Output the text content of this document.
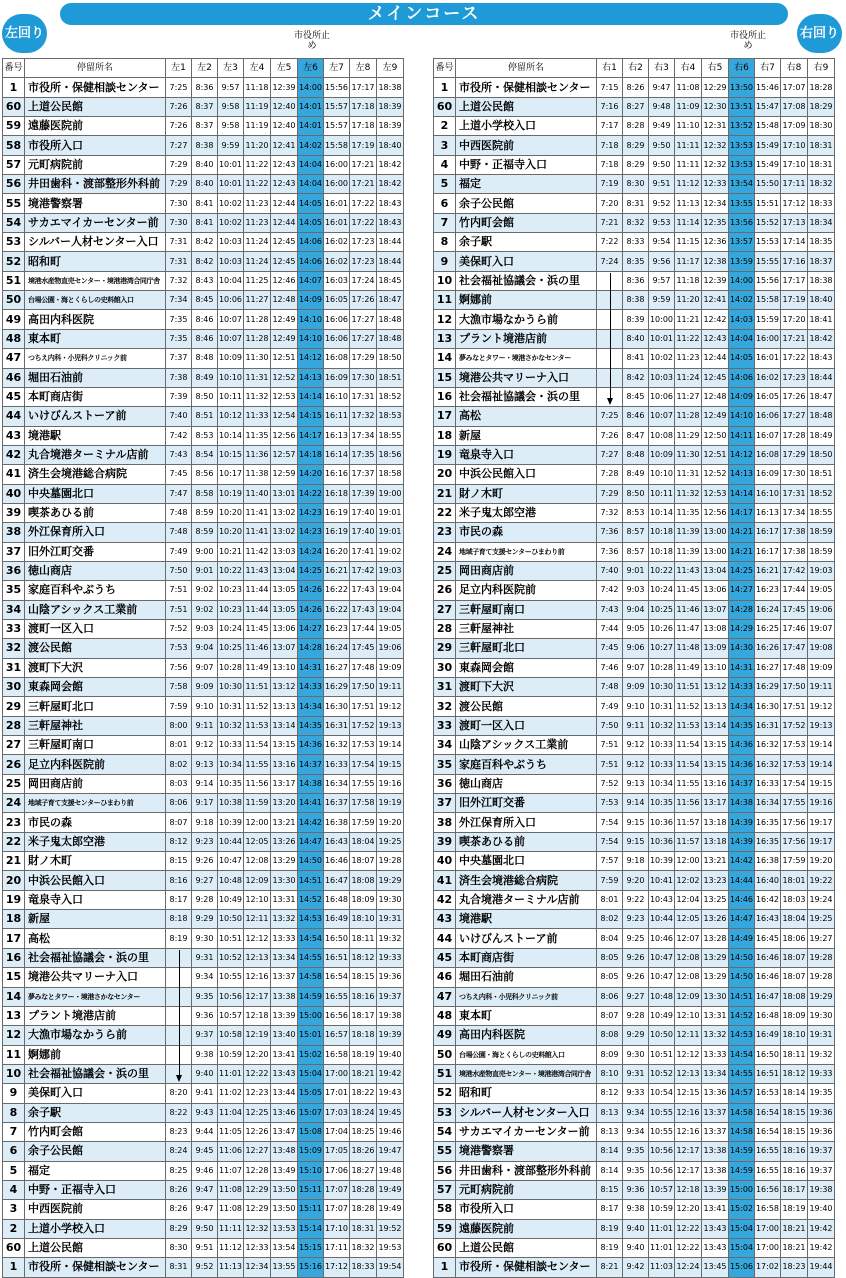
メインコース
左回り	右回り
市役所止め
市役所止め
番号	停留所名	左1	左2	左3	左4	左5	左6	左7	左8	左9
1	市役所・保健相談センター	7:25	8:36	9:57	11:18	12:39	14:00	15:56	17:17	18:38
60	上道公民館	7:26	8:37	9:58	11:19	12:40	14:01	15:57	17:18	18:39
59	遠藤医院前	7:26	8:37	9:58	11:19	12:40	14:01	15:57	17:18	18:39
58	市役所入口	7:27	8:38	9:59	11:20	12:41	14:02	15:58	17:19	18:40
57	元町病院前	7:29	8:40	10:01	11:22	12:43	14:04	16:00	17:21	18:42
56	井田歯科・渡部整形外科前	7:29	8:40	10:01	11:22	12:43	14:04	16:00	17:21	18:42
55	境港警察署	7:30	8:41	10:02	11:23	12:44	14:05	16:01	17:22	18:43
54	サカエマイカーセンター前	7:30	8:41	10:02	11:23	12:44	14:05	16:01	17:22	18:43
53	シルバー人材センター入口	7:31	8:42	10:03	11:24	12:45	14:06	16:02	17:23	18:44
52	昭和町	7:31	8:42	10:03	11:24	12:45	14:06	16:02	17:23	18:44
51	境港水産物直売センター・境港港湾合同庁舎	7:32	8:43	10:04	11:25	12:46	14:07	16:03	17:24	18:45
50	台場公園・海とくらしの史料館入口	7:34	8:45	10:06	11:27	12:48	14:09	16:05	17:26	18:47
49	高田内科医院	7:35	8:46	10:07	11:28	12:49	14:10	16:06	17:27	18:48
48	東本町	7:35	8:46	10:07	11:28	12:49	14:10	16:06	17:27	18:48
47	つちえ内科・小児科クリニック前	7:37	8:48	10:09	11:30	12:51	14:12	16:08	17:29	18:50
46	堀田石油前	7:38	8:49	10:10	11:31	12:52	14:13	16:09	17:30	18:51
45	本町商店街	7:39	8:50	10:11	11:32	12:53	14:14	16:10	17:31	18:52
44	いけびんストーア前	7:40	8:51	10:12	11:33	12:54	14:15	16:11	17:32	18:53
43	境港駅	7:42	8:53	10:14	11:35	12:56	14:17	16:13	17:34	18:55
42	丸合境港ターミナル店前	7:43	8:54	10:15	11:36	12:57	14:18	16:14	17:35	18:56
41	済生会境港総合病院	7:45	8:56	10:17	11:38	12:59	14:20	16:16	17:37	18:58
40	中央墓園北口	7:47	8:58	10:19	11:40	13:01	14:22	16:18	17:39	19:00
39	喫茶あひる前	7:48	8:59	10:20	11:41	13:02	14:23	16:19	17:40	19:01
38	外江保育所入口	7:48	8:59	10:20	11:41	13:02	14:23	16:19	17:40	19:01
37	旧外江町交番	7:49	9:00	10:21	11:42	13:03	14:24	16:20	17:41	19:02
36	徳山商店	7:50	9:01	10:22	11:43	13:04	14:25	16:21	17:42	19:03
35	家庭百科やぶうち	7:51	9:02	10:23	11:44	13:05	14:26	16:22	17:43	19:04
34	山陰アシックス工業前	7:51	9:02	10:23	11:44	13:05	14:26	16:22	17:43	19:04
33	渡町一区入口	7:52	9:03	10:24	11:45	13:06	14:27	16:23	17:44	19:05
32	渡公民館	7:53	9:04	10:25	11:46	13:07	14:28	16:24	17:45	19:06
31	渡町下大沢	7:56	9:07	10:28	11:49	13:10	14:31	16:27	17:48	19:09
30	東森岡会館	7:58	9:09	10:30	11:51	13:12	14:33	16:29	17:50	19:11
29	三軒屋町北口	7:59	9:10	10:31	11:52	13:13	14:34	16:30	17:51	19:12
28	三軒屋神社	8:00	9:11	10:32	11:53	13:14	14:35	16:31	17:52	19:13
27	三軒屋町南口	8:01	9:12	10:33	11:54	13:15	14:36	16:32	17:53	19:14
26	足立内科医院前	8:02	9:13	10:34	11:55	13:16	14:37	16:33	17:54	19:15
25	岡田商店前	8:03	9:14	10:35	11:56	13:17	14:38	16:34	17:55	19:16
24	地域子育て支援センターひまわり前	8:06	9:17	10:38	11:59	13:20	14:41	16:37	17:58	19:19
23	市民の森	8:07	9:18	10:39	12:00	13:21	14:42	16:38	17:59	19:20
22	米子鬼太郎空港	8:12	9:23	10:44	12:05	13:26	14:47	16:43	18:04	19:25
21	財ノ木町	8:15	9:26	10:47	12:08	13:29	14:50	16:46	18:07	19:28
20	中浜公民館入口	8:16	9:27	10:48	12:09	13:30	14:51	16:47	18:08	19:29
19	竜泉寺入口	8:17	9:28	10:49	12:10	13:31	14:52	16:48	18:09	19:30
18	新屋	8:18	9:29	10:50	12:11	13:32	14:53	16:49	18:10	19:31
17	高松	8:19	9:30	10:51	12:12	13:33	14:54	16:50	18:11	19:32
16	社会福祉協議会・浜の里		9:31	10:52	12:13	13:34	14:55	16:51	18:12	19:33
15	境港公共マリーナ入口		9:34	10:55	12:16	13:37	14:58	16:54	18:15	19:36
14	夢みなとタワー・境港さかなセンター		9:35	10:56	12:17	13:38	14:59	16:55	18:16	19:37
13	プラント境港店前		9:36	10:57	12:18	13:39	15:00	16:56	18:17	19:38
12	大漁市場なかうら前		9:37	10:58	12:19	13:40	15:01	16:57	18:18	19:39
11	婀娜前		9:38	10:59	12:20	13:41	15:02	16:58	18:19	19:40
10	社会福祉協議会・浜の里		9:40	11:01	12:22	13:43	15:04	17:00	18:21	19:42
9	美保町入口	8:20	9:41	11:02	12:23	13:44	15:05	17:01	18:22	19:43
8	余子駅	8:22	9:43	11:04	12:25	13:46	15:07	17:03	18:24	19:45
7	竹内町会館	8:23	9:44	11:05	12:26	13:47	15:08	17:04	18:25	19:46
6	余子公民館	8:24	9:45	11:06	12:27	13:48	15:09	17:05	18:26	19:47
5	福定	8:25	9:46	11:07	12:28	13:49	15:10	17:06	18:27	19:48
4	中野・正福寺入口	8:26	9:47	11:08	12:29	13:50	15:11	17:07	18:28	19:49
3	中西医院前	8:26	9:47	11:08	12:29	13:50	15:11	17:07	18:28	19:49
2	上道小学校入口	8:29	9:50	11:11	12:32	13:53	15:14	17:10	18:31	19:52
60	上道公民館	8:30	9:51	11:12	12:33	13:54	15:15	17:11	18:32	19:53
1	市役所・保健相談センター	8:31	9:52	11:13	12:34	13:55	15:16	17:12	18:33	19:54
番号	停留所名	右1	右2	右3	右4	右5	右6	右7	右8	右9
1	市役所・保健相談センター	7:15	8:26	9:47	11:08	12:29	13:50	15:46	17:07	18:28
60	上道公民館	7:16	8:27	9:48	11:09	12:30	13:51	15:47	17:08	18:29
2	上道小学校入口	7:17	8:28	9:49	11:10	12:31	13:52	15:48	17:09	18:30
3	中西医院前	7:18	8:29	9:50	11:11	12:32	13:53	15:49	17:10	18:31
4	中野・正福寺入口	7:18	8:29	9:50	11:11	12:32	13:53	15:49	17:10	18:31
5	福定	7:19	8:30	9:51	11:12	12:33	13:54	15:50	17:11	18:32
6	余子公民館	7:20	8:31	9:52	11:13	12:34	13:55	15:51	17:12	18:33
7	竹内町会館	7:21	8:32	9:53	11:14	12:35	13:56	15:52	17:13	18:34
8	余子駅	7:22	8:33	9:54	11:15	12:36	13:57	15:53	17:14	18:35
9	美保町入口	7:24	8:35	9:56	11:17	12:38	13:59	15:55	17:16	18:37
10	社会福祉協議会・浜の里		8:36	9:57	11:18	12:39	14:00	15:56	17:17	18:38
11	婀娜前		8:38	9:59	11:20	12:41	14:02	15:58	17:19	18:40
12	大漁市場なかうら前		8:39	10:00	11:21	12:42	14:03	15:59	17:20	18:41
13	プラント境港店前		8:40	10:01	11:22	12:43	14:04	16:00	17:21	18:42
14	夢みなとタワー・境港さかなセンター		8:41	10:02	11:23	12:44	14:05	16:01	17:22	18:43
15	境港公共マリーナ入口		8:42	10:03	11:24	12:45	14:06	16:02	17:23	18:44
16	社会福祉協議会・浜の里		8:45	10:06	11:27	12:48	14:09	16:05	17:26	18:47
17	高松	7:25	8:46	10:07	11:28	12:49	14:10	16:06	17:27	18:48
18	新屋	7:26	8:47	10:08	11:29	12:50	14:11	16:07	17:28	18:49
19	竜泉寺入口	7:27	8:48	10:09	11:30	12:51	14:12	16:08	17:29	18:50
20	中浜公民館入口	7:28	8:49	10:10	11:31	12:52	14:13	16:09	17:30	18:51
21	財ノ木町	7:29	8:50	10:11	11:32	12:53	14:14	16:10	17:31	18:52
22	米子鬼太郎空港	7:32	8:53	10:14	11:35	12:56	14:17	16:13	17:34	18:55
23	市民の森	7:36	8:57	10:18	11:39	13:00	14:21	16:17	17:38	18:59
24	地域子育て支援センターひまわり前	7:36	8:57	10:18	11:39	13:00	14:21	16:17	17:38	18:59
25	岡田商店前	7:40	9:01	10:22	11:43	13:04	14:25	16:21	17:42	19:03
26	足立内科医院前	7:42	9:03	10:24	11:45	13:06	14:27	16:23	17:44	19:05
27	三軒屋町南口	7:43	9:04	10:25	11:46	13:07	14:28	16:24	17:45	19:06
28	三軒屋神社	7:44	9:05	10:26	11:47	13:08	14:29	16:25	17:46	19:07
29	三軒屋町北口	7:45	9:06	10:27	11:48	13:09	14:30	16:26	17:47	19:08
30	東森岡会館	7:46	9:07	10:28	11:49	13:10	14:31	16:27	17:48	19:09
31	渡町下大沢	7:48	9:09	10:30	11:51	13:12	14:33	16:29	17:50	19:11
32	渡公民館	7:49	9:10	10:31	11:52	13:13	14:34	16:30	17:51	19:12
33	渡町一区入口	7:50	9:11	10:32	11:53	13:14	14:35	16:31	17:52	19:13
34	山陰アシックス工業前	7:51	9:12	10:33	11:54	13:15	14:36	16:32	17:53	19:14
35	家庭百科やぶうち	7:51	9:12	10:33	11:54	13:15	14:36	16:32	17:53	19:14
36	徳山商店	7:52	9:13	10:34	11:55	13:16	14:37	16:33	17:54	19:15
37	旧外江町交番	7:53	9:14	10:35	11:56	13:17	14:38	16:34	17:55	19:16
38	外江保育所入口	7:54	9:15	10:36	11:57	13:18	14:39	16:35	17:56	19:17
39	喫茶あひる前	7:54	9:15	10:36	11:57	13:18	14:39	16:35	17:56	19:17
40	中央墓園北口	7:57	9:18	10:39	12:00	13:21	14:42	16:38	17:59	19:20
41	済生会境港総合病院	7:59	9:20	10:41	12:02	13:23	14:44	16:40	18:01	19:22
42	丸合境港ターミナル店前	8:01	9:22	10:43	12:04	13:25	14:46	16:42	18:03	19:24
43	境港駅	8:02	9:23	10:44	12:05	13:26	14:47	16:43	18:04	19:25
44	いけびんストーア前	8:04	9:25	10:46	12:07	13:28	14:49	16:45	18:06	19:27
45	本町商店街	8:05	9:26	10:47	12:08	13:29	14:50	16:46	18:07	19:28
46	堀田石油前	8:05	9:26	10:47	12:08	13:29	14:50	16:46	18:07	19:28
47	つちえ内科・小児科クリニック前	8:06	9:27	10:48	12:09	13:30	14:51	16:47	18:08	19:29
48	東本町	8:07	9:28	10:49	12:10	13:31	14:52	16:48	18:09	19:30
49	高田内科医院	8:08	9:29	10:50	12:11	13:32	14:53	16:49	18:10	19:31
50	台場公園・海とくらしの史料館入口	8:09	9:30	10:51	12:12	13:33	14:54	16:50	18:11	19:32
51	境港水産物直売センター・境港港湾合同庁舎	8:10	9:31	10:52	12:13	13:34	14:55	16:51	18:12	19:33
52	昭和町	8:12	9:33	10:54	12:15	13:36	14:57	16:53	18:14	19:35
53	シルバー人材センター入口	8:13	9:34	10:55	12:16	13:37	14:58	16:54	18:15	19:36
54	サカエマイカーセンター前	8:13	9:34	10:55	12:16	13:37	14:58	16:54	18:15	19:36
55	境港警察署	8:14	9:35	10:56	12:17	13:38	14:59	16:55	18:16	19:37
56	井田歯科・渡部整形外科前	8:14	9:35	10:56	12:17	13:38	14:59	16:55	18:16	19:37
57	元町病院前	8:15	9:36	10:57	12:18	13:39	15:00	16:56	18:17	19:38
58	市役所入口	8:17	9:38	10:59	12:20	13:41	15:02	16:58	18:19	19:40
59	遠藤医院前	8:19	9:40	11:01	12:22	13:43	15:04	17:00	18:21	19:42
60	上道公民館	8:19	9:40	11:01	12:22	13:43	15:04	17:00	18:21	19:42
1	市役所・保健相談センター	8:21	9:42	11:03	12:24	13:45	15:06	17:02	18:23	19:44
